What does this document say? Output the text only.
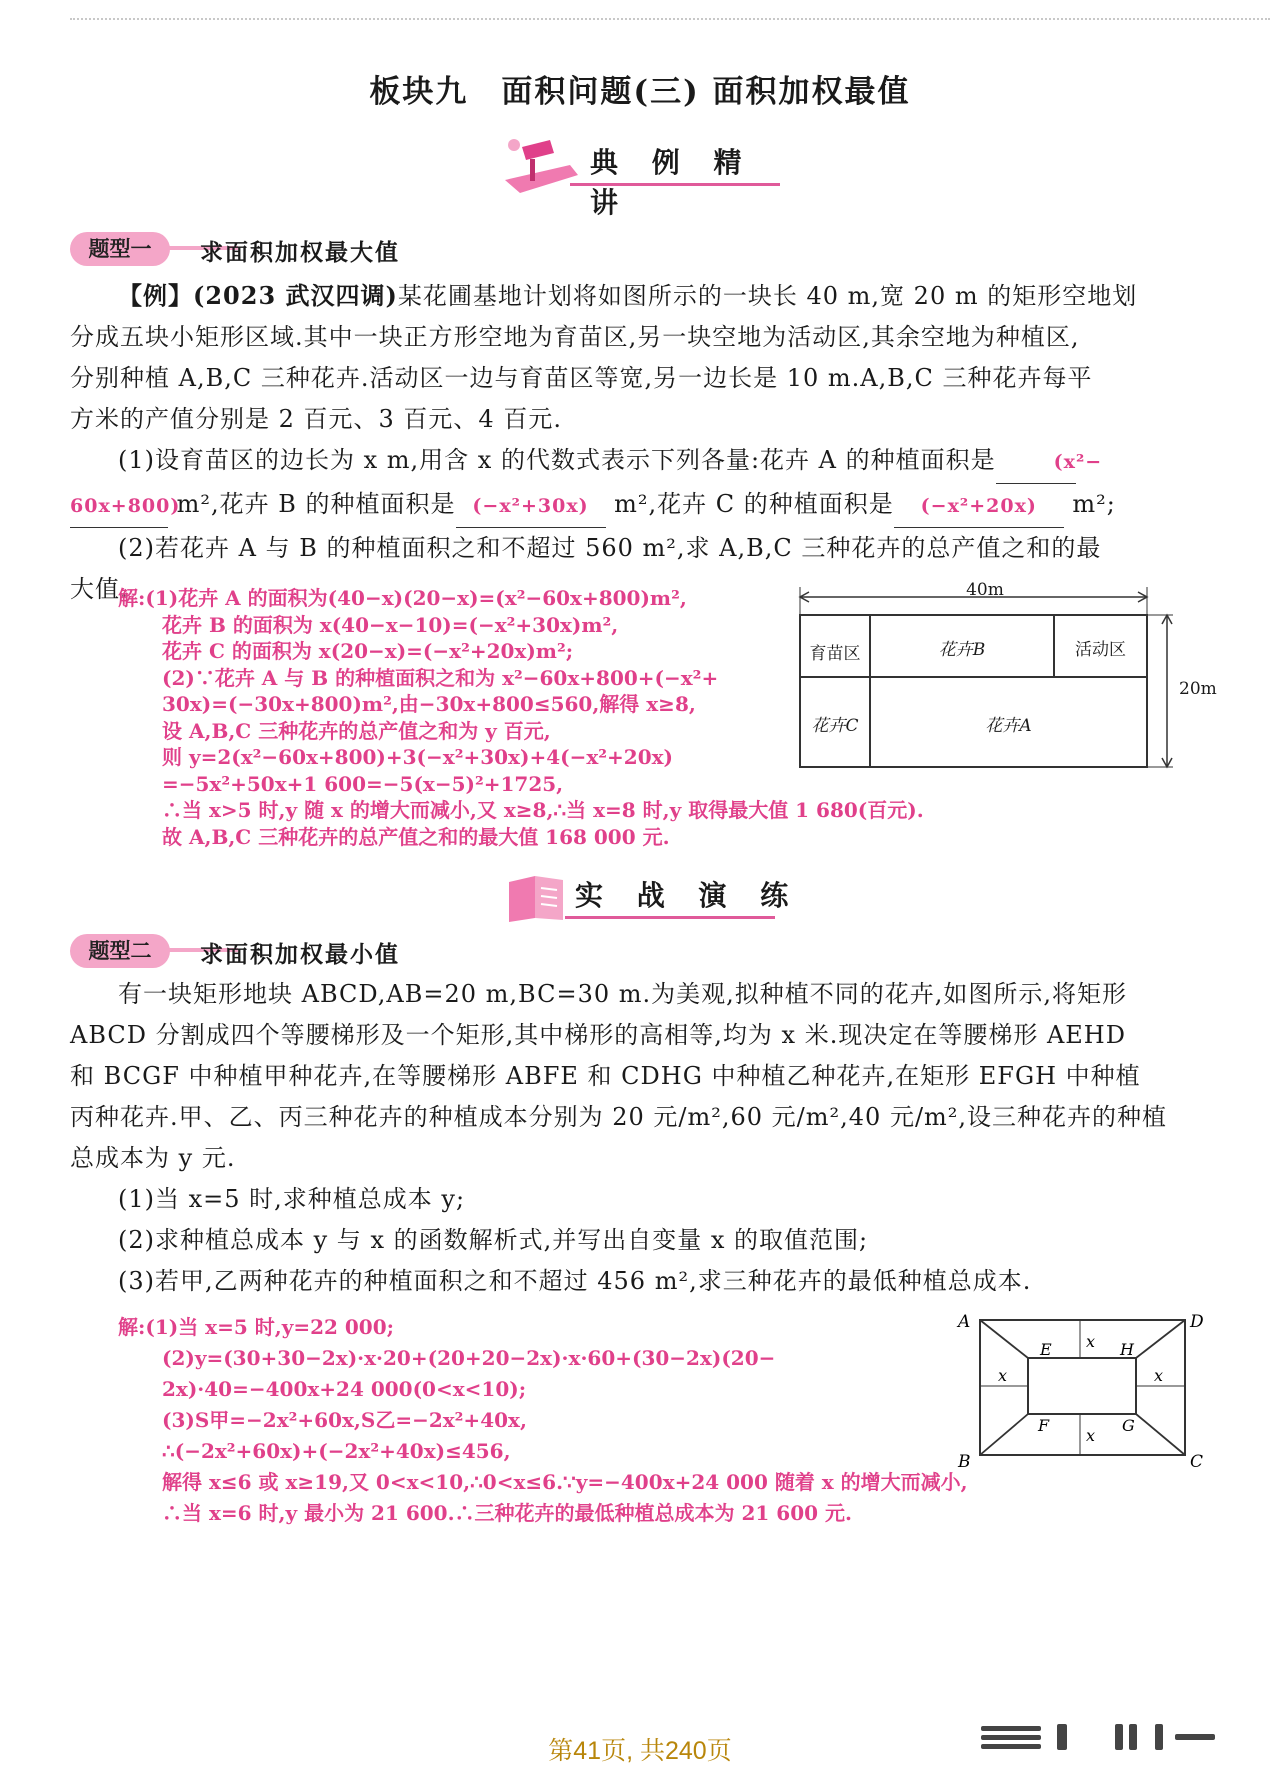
板块九　面积问题(三) 面积加权最值
典 例 精 讲
题型一	求面积加权最大值

【例】(2023 武汉四调)某花圃基地计划将如图所示的一块长 40 m,宽 20 m 的矩形空地划

分成五块小矩形区域.其中一块正方形空地为育苗区,另一块空地为活动区,其余空地为种植区,

分别种植 A,B,C 三种花卉.活动区一边与育苗区等宽,另一边长是 10 m.A,B,C 三种花卉每平

方米的产值分别是 2 百元、3 百元、4 百元.

(1)设育苗区的边长为 x m,用含 x 的代数式表示下列各量:花卉 A 的种植面积是	(x²−

60x+800) m²,花卉 B 的种植面积是 (−x²+30x) m²,花卉 C 的种植面积是 (−x²+20x) m²;

(2)若花卉 A 与 B 的种植面积之和不超过 560 m²,求 A,B,C 三种花卉的总产值之和的最

大值.

解:(1)花卉 A 的面积为(40−x)(20−x)=(x²−60x+800)m²,

花卉 B 的面积为 x(40−x−10)=(−x²+30x)m²,

花卉 C 的面积为 x(20−x)=(−x²+20x)m²;

(2)∵花卉 A 与 B 的种植面积之和为 x²−60x+800+(−x²+

30x)=(−30x+800)m²,由−30x+800≤560,解得 x≥8,

设 A,B,C 三种花卉的总产值之和为 y 百元,

则 y=2(x²−60x+800)+3(−x²+30x)+4(−x²+20x)

=−5x²+50x+1 600=−5(x−5)²+1725,

∴当 x>5 时,y 随 x 的增大而减小,又 x≥8,∴当 x=8 时,y 取得最大值 1 680(百元).

故 A,B,C 三种花卉的总产值之和的最大值 168 000 元.

40m
20m
育苗区	花卉B	活动区
花卉C	花卉A
实 战 演 练
题型二	求面积加权最小值

有一块矩形地块 ABCD,AB=20 m,BC=30 m.为美观,拟种植不同的花卉,如图所示,将矩形

ABCD 分割成四个等腰梯形及一个矩形,其中梯形的高相等,均为 x 米.现决定在等腰梯形 AEHD

和 BCGF 中种植甲种花卉,在等腰梯形 ABFE 和 CDHG 中种植乙种花卉,在矩形 EFGH 中种植

丙种花卉.甲、乙、丙三种花卉的种植成本分别为 20 元/m²,60 元/m²,40 元/m²,设三种花卉的种植

总成本为 y 元.

(1)当 x=5 时,求种植总成本 y;

(2)求种植总成本 y 与 x 的函数解析式,并写出自变量 x 的取值范围;

(3)若甲,乙两种花卉的种植面积之和不超过 456 m²,求三种花卉的最低种植总成本.

解:(1)当 x=5 时,y=22 000;

(2)y=(30+30−2x)·x·20+(20+20−2x)·x·60+(30−2x)(20−

2x)·40=−400x+24 000(0<x<10);

(3)S甲=−2x²+60x,S乙=−2x²+40x,

∴(−2x²+60x)+(−2x²+40x)≤456,

解得 x≤6 或 x≥19,又 0<x<10,∴0<x≤6.∵y=−400x+24 000 随着 x 的增大而减小,

∴当 x=6 时,y 最小为 21 600.∴三种花卉的最低种植总成本为 21 600 元.

A	D
B	C
E	H
F	G
x
x
x	x
第41页, 共240页
